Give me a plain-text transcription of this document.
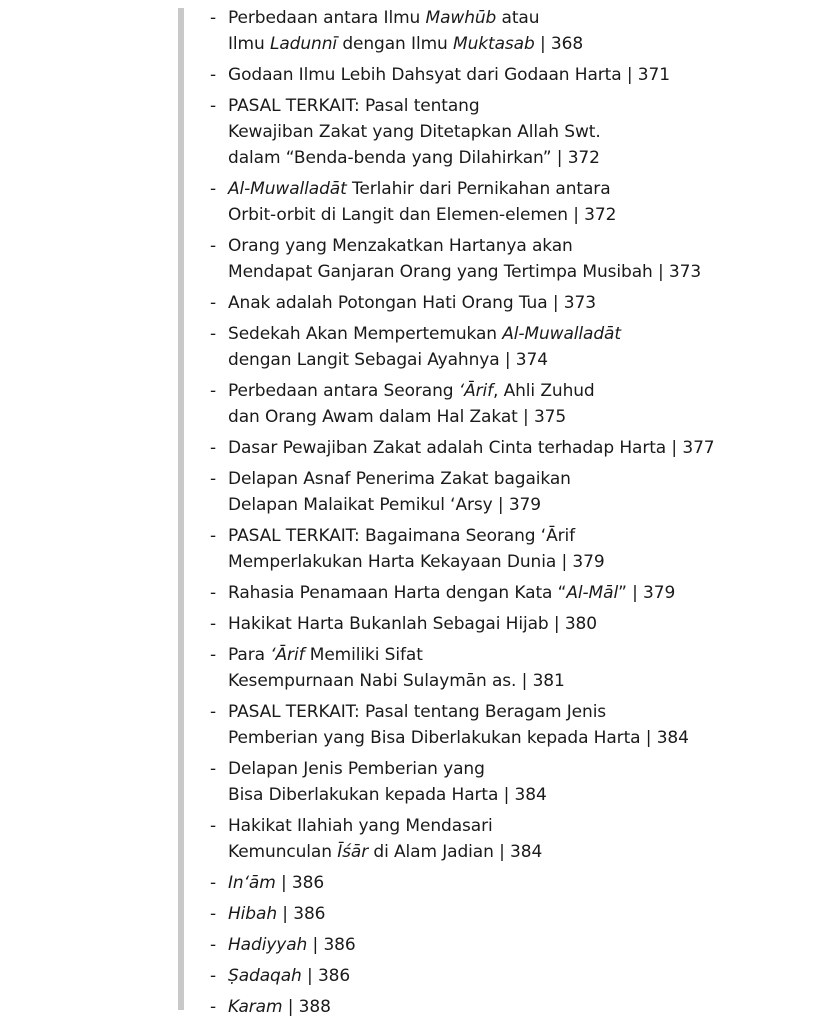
- Perbedaan antara Ilmu Mawhūb atau
Ilmu Ladunnī dengan Ilmu Muktasab | 368
- Godaan Ilmu Lebih Dahsyat dari Godaan Harta | 371
- PASAL TERKAIT: Pasal tentang
Kewajiban Zakat yang Ditetapkan Allah Swt.
dalam “Benda-benda yang Dilahirkan” | 372
- Al-Muwalladāt Terlahir dari Pernikahan antara
Orbit-orbit di Langit dan Elemen-elemen | 372
- Orang yang Menzakatkan Hartanya akan
Mendapat Ganjaran Orang yang Tertimpa Musibah | 373
- Anak adalah Potongan Hati Orang Tua | 373
- Sedekah Akan Mempertemukan Al-Muwalladāt
dengan Langit Sebagai Ayahnya | 374
- Perbedaan antara Seorang ‘Ārif, Ahli Zuhud
dan Orang Awam dalam Hal Zakat | 375
- Dasar Pewajiban Zakat adalah Cinta terhadap Harta | 377
- Delapan Asnaf Penerima Zakat bagaikan
Delapan Malaikat Pemikul ‘Arsy | 379
- PASAL TERKAIT: Bagaimana Seorang ‘Ārif
Memperlakukan Harta Kekayaan Dunia | 379
- Rahasia Penamaan Harta dengan Kata “Al-Māl” | 379
- Hakikat Harta Bukanlah Sebagai Hijab | 380
- Para ‘Ārif Memiliki Sifat
Kesempurnaan Nabi Sulaymān as. | 381
- PASAL TERKAIT: Pasal tentang Beragam Jenis
Pemberian yang Bisa Diberlakukan kepada Harta | 384
- Delapan Jenis Pemberian yang
Bisa Diberlakukan kepada Harta | 384
- Hakikat Ilahiah yang Mendasari
Kemunculan Īśār di Alam Jadian | 384
- In‘ām | 386
- Hibah | 386
- Hadiyyah | 386
- Ṣadaqah | 386
- Karam | 388
